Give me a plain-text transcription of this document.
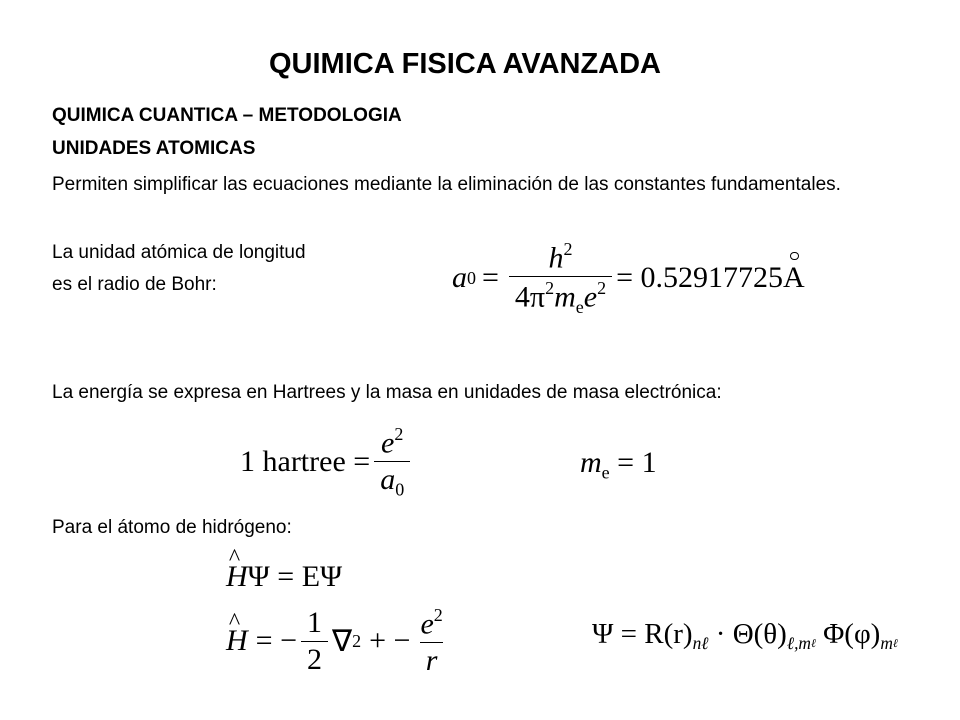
QUIMICA FISICA AVANZADA
QUIMICA CUANTICA – METODOLOGIA
UNIDADES ATOMICAS
Permiten simplificar las ecuaciones mediante la eliminación de las constantes fundamentales.
La unidad atómica de longitud
es el radio de Bohr:	a $0 = \frac{h^2}{4\pi^2m_ee^2} = 0.52917725$ A
La energía se expresa en Hartrees y la masa en unidades de masa electrónica:
1 hartree = $\frac{e^2}{a_0}$	$m_e = 1$
Para el átomo de hidrógeno:
^ HΨ = EΨ
^ H = − $\frac{1}{2}$ ∇ 2 + − $\frac{e^2}{r}$	$\Psi = R(r)_{n\ell} \cdot \Theta(\theta)_{\ell,m\ell}$ $\Phi(\varphi)_{m\ell}$
